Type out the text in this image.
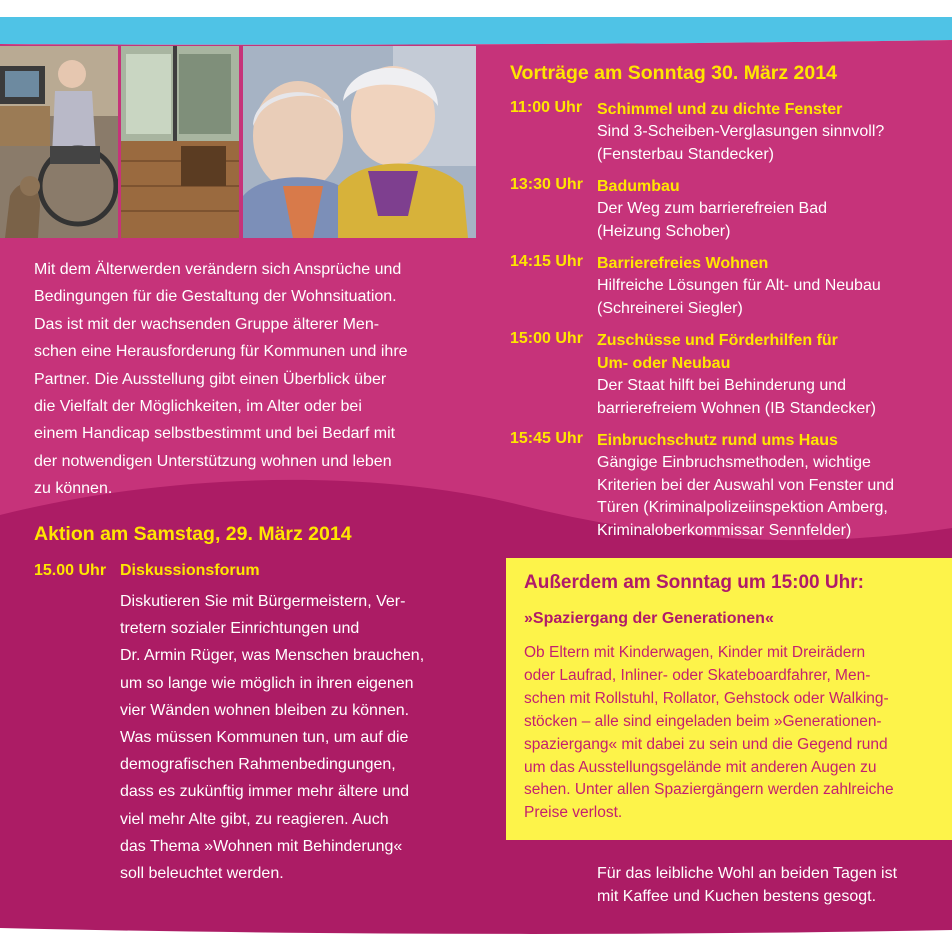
Mit dem Älterwerden verändern sich Ansprüche und
Bedingungen für die Gestaltung der Wohnsituation.
Das ist mit der wachsenden Gruppe älterer Men-
schen eine Herausforderung für Kommunen und ihre
Partner. Die Ausstellung gibt einen Überblick über
die Vielfalt der Möglichkeiten, im Alter oder bei
einem Handicap selbstbestimmt und bei Bedarf mit
der notwendigen Unterstützung wohnen und leben
zu können.

Aktion am Samstag, 29. März 2014
15.00 Uhr Diskussionsforum

Diskutieren Sie mit Bürgermeistern, Ver-
tretern sozialer Einrichtungen und
Dr. Armin Rüger, was Menschen brauchen,
um so lange wie möglich in ihren eigenen
vier Wänden wohnen bleiben zu können.
Was müssen Kommunen tun, um auf die
demografischen Rahmenbedingungen,
dass es zukünftig immer mehr ältere und
viel mehr Alte gibt, zu reagieren. Auch
das Thema »Wohnen mit Behinderung«
soll beleuchtet werden.

Vorträge am Sonntag 30. März 2014
11:00 Uhr Schimmel und zu dichte Fenster

Sind 3-Scheiben-Verglasungen sinnvoll?
(Fensterbau Standecker)

13:30 Uhr Badumbau

Der Weg zum barrierefreien Bad
(Heizung Schober)

14:15 Uhr Barrierefreies Wohnen

Hilfreiche Lösungen für Alt- und Neubau
(Schreinerei Siegler)

15:00 Uhr Zuschüsse und Förderhilfen für
Um- oder Neubau

Der Staat hilft bei Behinderung und
barrierefreiem Wohnen (IB Standecker)

15:45 Uhr Einbruchschutz rund ums Haus

Gängige Einbruchsmethoden, wichtige
Kriterien bei der Auswahl von Fenster und
Türen (Kriminalpolizeiinspektion Amberg,
Kriminaloberkommissar Sennfelder)

Außerdem am Sonntag um 15:00 Uhr:

»Spaziergang der Generationen«

Ob Eltern mit Kinderwagen, Kinder mit Dreirädern
oder Laufrad, Inliner- oder Skateboardfahrer, Men-
schen mit Rollstuhl, Rollator, Gehstock oder Walking-
stöcken – alle sind eingeladen beim »Generationen-
spaziergang« mit dabei zu sein und die Gegend rund
um das Ausstellungsgelände mit anderen Augen zu
sehen. Unter allen Spaziergängern werden zahlreiche
Preise verlost.

Für das leibliche Wohl an beiden Tagen ist
mit Kaffee und Kuchen bestens gesogt.
